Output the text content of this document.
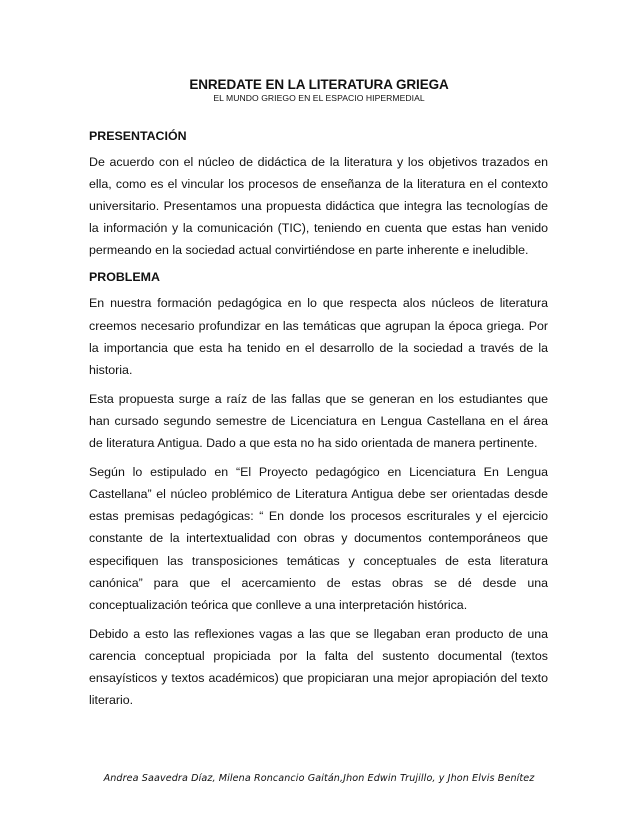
ENREDATE EN LA LITERATURA GRIEGA
EL MUNDO GRIEGO EN EL ESPACIO HIPERMEDIAL
PRESENTACIÓN

De acuerdo con el núcleo de didáctica de la literatura y los objetivos trazados en ella, como es el vincular los procesos de enseñanza de la literatura en el contexto universitario. Presentamos una propuesta didáctica que integra las tecnologías de la información y la comunicación (TIC), teniendo en cuenta que estas han venido permeando en la sociedad actual convirtiéndose en parte inherente e ineludible.

PROBLEMA

En nuestra formación pedagógica en lo que respecta alos núcleos de literatura creemos necesario profundizar en las temáticas que agrupan la época griega. Por la importancia que esta ha tenido en el desarrollo de la sociedad a través de la historia.

Esta propuesta surge a raíz de las fallas que se generan en los estudiantes que han cursado segundo semestre de Licenciatura en Lengua Castellana en el área de literatura Antigua. Dado a que esta no ha sido orientada de manera pertinente.

Según lo estipulado en “El Proyecto pedagógico en Licenciatura En Lengua Castellana” el núcleo problémico de Literatura Antigua debe ser orientadas desde estas premisas pedagógicas: “ En donde los procesos escriturales y el ejercicio constante de la intertextualidad con obras y documentos contemporáneos que especifiquen las transposiciones temáticas y conceptuales de esta literatura canónica” para que el acercamiento de estas obras se dé desde una conceptualización teórica que conlleve a una interpretación histórica.

Debido a esto las reflexiones vagas a las que se llegaban eran producto de una carencia conceptual propiciada por la falta del sustento documental (textos ensayísticos y textos académicos) que propiciaran una mejor apropiación del texto literario.

Andrea Saavedra Díaz, Milena Roncancio Gaitán,Jhon Edwin Trujillo, y Jhon Elvis Benítez
